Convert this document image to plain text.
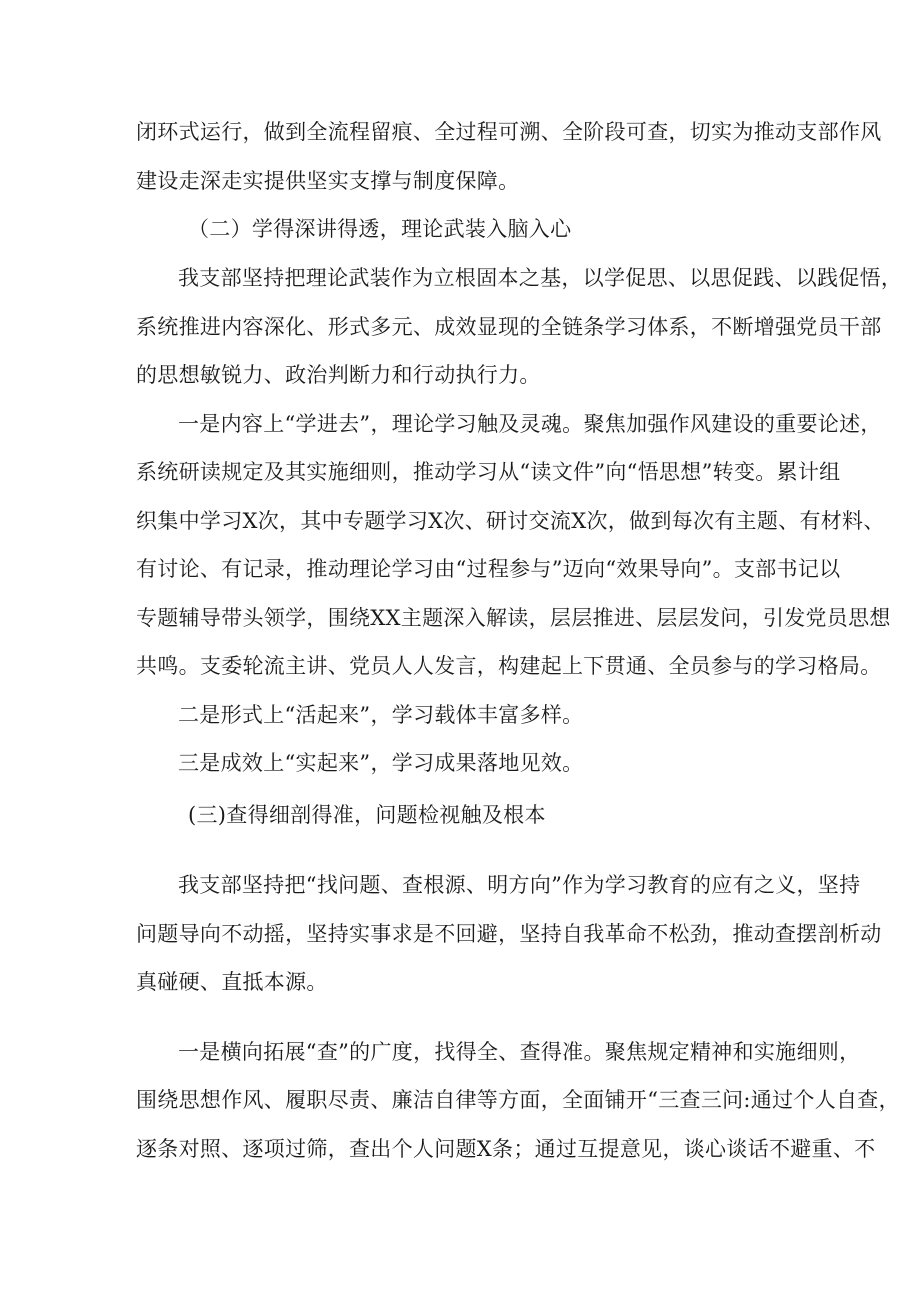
闭环式运行，做到全流程留痕、全过程可溯、全阶段可查，切实为推动支部作风
建设走深走实提供坚实支撑与制度保障。
（二）学得深讲得透，理论武装入脑入心
我支部坚持把理论武装作为立根固本之基，以学促思、以思促践、以践促悟，
系统推进内容深化、形式多元、成效显现的全链条学习体系，不断增强党员干部
的思想敏锐力、政治判断力和行动执行力。
一是内容上“学进去”，理论学习触及灵魂。聚焦加强作风建设的重要论述，
系统研读规定及其实施细则，推动学习从“读文件”向“悟思想”转变。累计组
织集中学习X次，其中专题学习X次、研讨交流X次，做到每次有主题、有材料、
有讨论、有记录，推动理论学习由“过程参与”迈向“效果导向”。支部书记以
专题辅导带头领学，围绕XX主题深入解读，层层推进、层层发问，引发党员思想
共鸣。支委轮流主讲、党员人人发言，构建起上下贯通、全员参与的学习格局。
二是形式上“活起来”，学习载体丰富多样。
三是成效上“实起来”，学习成果落地见效。
(三)查得细剖得准，问题检视触及根本
我支部坚持把“找问题、查根源、明方向”作为学习教育的应有之义，坚持
问题导向不动摇，坚持实事求是不回避，坚持自我革命不松劲，推动查摆剖析动
真碰硬、直抵本源。
一是横向拓展“查”的广度，找得全、查得准。聚焦规定精神和实施细则，
围绕思想作风、履职尽责、廉洁自律等方面，全面铺开“三查三问:通过个人自查，
逐条对照、逐项过筛，查出个人问题X条；通过互提意见，谈心谈话不避重、不
